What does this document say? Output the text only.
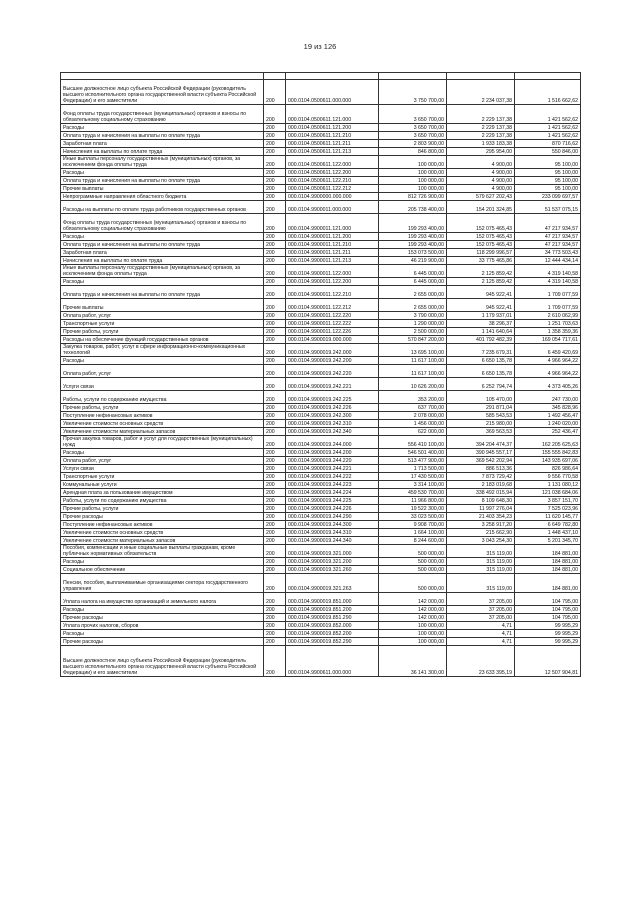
19 из 126

Высшее должностное лицо субъекта Российской Федерации (руководитель высшего исполнительного органа государственной власти субъекта Российской Федерации) и его заместители	200	000.0104.0500611.000.000	3 750 700,00	2 234 037,38	1 516 662,62
Фонд оплаты труда государственных (муниципальных) органов и взносы по обязательному социальному страхованию	200	000.0104.0500611.121.000	3 650 700,00	2 229 137,38	1 421 562,62
Расходы	200	000.0104.0500611.121.200	3 650 700,00	2 229 137,38	1 421 562,62
Оплата труда и начисления на выплаты по оплате труда	200	000.0104.0500611.121.210	3 650 700,00	2 229 137,38	1 421 562,62
Заработная плата	200	000.0104.0500611.121.211	2 803 900,00	1 933 183,38	870 716,62
Начисления на выплаты по оплате труда	200	000.0104.0500611.121.213	846 800,00	295 954,00	550 846,00
Иные выплаты персоналу государственных (муниципальных) органов, за исключением фонда оплаты труда	200	000.0104.0500611.122.000	100 000,00	4 900,00	95 100,00
Расходы	200	000.0104.0500611.122.200	100 000,00	4 900,00	95 100,00
Оплата труда и начисления на выплаты по оплате труда	200	000.0104.0500611.122.210	100 000,00	4 900,00	95 100,00
Прочие выплаты	200	000.0104.0500611.122.212	100 000,00	4 900,00	95 100,00
Непрограммные направления областного бюджета	200	000.0104.9900000.000.000	812 726 900,00	579 627 202,43	233 099 697,57
Расходы на выплаты по оплате труда работников государственных органов	200	000.0104.9900011.000.000	205 738 400,00	154 201 324,85	51 537 075,15
Фонд оплаты труда государственных (муниципальных) органов и взносы по обязательному социальному страхованию	200	000.0104.9900011.121.000	199 293 400,00	152 075 465,43	47 217 934,57
Расходы	200	000.0104.9900011.121.200	199 293 400,00	152 075 465,43	47 217 934,57
Оплата труда и начисления на выплаты по оплате труда	200	000.0104.9900011.121.210	199 293 400,00	152 075 465,43	47 217 934,57
Заработная плата	200	000.0104.9900011.121.211	153 073 500,00	118 299 996,57	34 773 503,43
Начисления на выплаты по оплате труда	200	000.0104.9900011.121.213	46 219 900,00	33 775 465,86	12 444 434,14
Иные выплаты персоналу государственных (муниципальных) органов, за исключением фонда оплаты труда	200	000.0104.9900011.122.000	6 445 000,00	2 125 859,42	4 319 140,58
Расходы	200	000.0104.9900011.122.200	6 445 000,00	2 125 859,42	4 319 140,58
Оплата труда и начисления на выплаты по оплате труда	200	000.0104.9900011.122.210	2 655 000,00	945 922,41	1 709 077,59
Прочие выплаты	200	000.0104.9900011.122.212	2 655 000,00	945 922,41	1 709 077,59
Оплата работ, услуг	200	000.0104.9900011.122.220	3 790 000,00	1 179 937,01	2 610 062,99
Транспортные услуги	200	000.0104.9900011.122.222	1 290 000,00	38 296,37	1 251 703,63
Прочие работы, услуги	200	000.0104.9900011.122.226	2 500 000,00	1 141 640,64	1 358 359,36
Расходы на обеспечение функций государственных органов	200	000.0104.9900019.000.000	570 847 200,00	401 792 482,39	169 054 717,61
Закупка товаров, работ, услуг в сфере информационно-коммуникационных технологий	200	000.0104.9900019.242.000	13 695 100,00	7 235 679,31	6 459 420,69
Расходы	200	000.0104.9900019.242.200	11 617 100,00	6 650 135,78	4 966 964,22
Оплата работ, услуг	200	000.0104.9900019.242.220	11 617 100,00	6 650 135,78	4 966 964,22
Услуги связи	200	000.0104.9900019.242.221	10 626 200,00	6 252 794,74	4 373 405,26
Работы, услуги по содержанию имущества	200	000.0104.9900019.242.225	353 200,00	105 470,00	247 730,00
Прочие работы, услуги	200	000.0104.9900019.242.226	637 700,00	291 871,04	345 828,96
Поступление нефинансовых активов	200	000.0104.9900019.242.300	2 078 000,00	585 543,53	1 492 456,47
Увеличение стоимости основных средств	200	000.0104.9900019.242.310	1 456 000,00	215 980,00	1 240 020,00
Увеличение стоимости материальных запасов	200	000.0104.9900019.242.340	622 000,00	369 563,53	252 436,47
Прочая закупка товаров, работ и услуг для государственных (муниципальных) нужд	200	000.0104.9900019.244.000	556 410 100,00	394 204 474,37	162 205 625,63
Расходы	200	000.0104.9900019.244.200	546 501 400,00	390 945 557,17	155 555 842,83
Оплата работ, услуг	200	000.0104.9900019.244.220	513 477 900,00	369 542 202,94	143 935 697,06
Услуги связи	200	000.0104.9900019.244.221	1 713 500,00	886 513,36	826 986,64
Транспортные услуги	200	000.0104.9900019.244.222	17 430 500,00	7 873 729,42	9 556 770,58
Коммунальные услуги	200	000.0104.9900019.244.223	3 314 100,00	2 183 019,68	1 131 080,12
Арендная плата за пользование имуществом	200	000.0104.9900019.244.224	459 530 700,00	338 492 015,94	121 038 684,06
Работы, услуги по содержанию имущества	200	000.0104.9900019.244.225	11 966 800,00	8 109 648,30	3 857 151,70
Прочие работы, услуги	200	000.0104.9900019.244.226	19 522 300,00	11 997 276,04	7 525 023,96
Прочие расходы	200	000.0104.9900019.244.290	33 023 500,00	21 403 354,23	11 620 145,77
Поступление нефинансовых активов	200	000.0104.9900019.244.300	9 908 700,00	3 258 917,20	6 649 782,80
Увеличение стоимости основных средств	200	000.0104.9900019.244.310	1 664 100,00	215 662,90	1 448 437,10
Увеличение стоимости материальных запасов	200	000.0104.9900019.244.340	8 244 600,00	3 043 254,30	5 201 345,70
Пособия, компенсации и иные социальные выплаты гражданам, кроме публичных нормативных обязательств	200	000.0104.9900019.321.000	500 000,00	315 119,00	184 881,00
Расходы	200	000.0104.9900019.321.200	500 000,00	315 119,00	184 881,00
Социальное обеспечение	200	000.0104.9900019.321.260	500 000,00	315 119,00	184 881,00
Пенсии, пособия, выплачиваемые организациями сектора государственного управления	200	000.0104.9900019.321.263	500 000,00	315 119,00	184 881,00
Уплата налога на имущество организаций и земельного налога	200	000.0104.9900019.851.000	142 000,00	37 205,00	104 795,00
Расходы	200	000.0104.9900019.851.200	142 000,00	37 205,00	104 795,00
Прочие расходы	200	000.0104.9900019.851.290	142 000,00	37 205,00	104 795,00
Уплата прочих налогов, сборов	200	000.0104.9900019.852.000	100 000,00	4,71	99 995,29
Расходы	200	000.0104.9900019.852.200	100 000,00	4,71	99 995,29
Прочие расходы	200	000.0104.9900019.852.290	100 000,00	4,71	99 995,29
Высшее должностное лицо субъекта Российской Федерации (руководитель высшего исполнительного органа государственной власти субъекта Российской Федерации) и его заместители	200	000.0104.9900611.000.000	36 141 300,00	23 633 395,19	12 507 904,81
